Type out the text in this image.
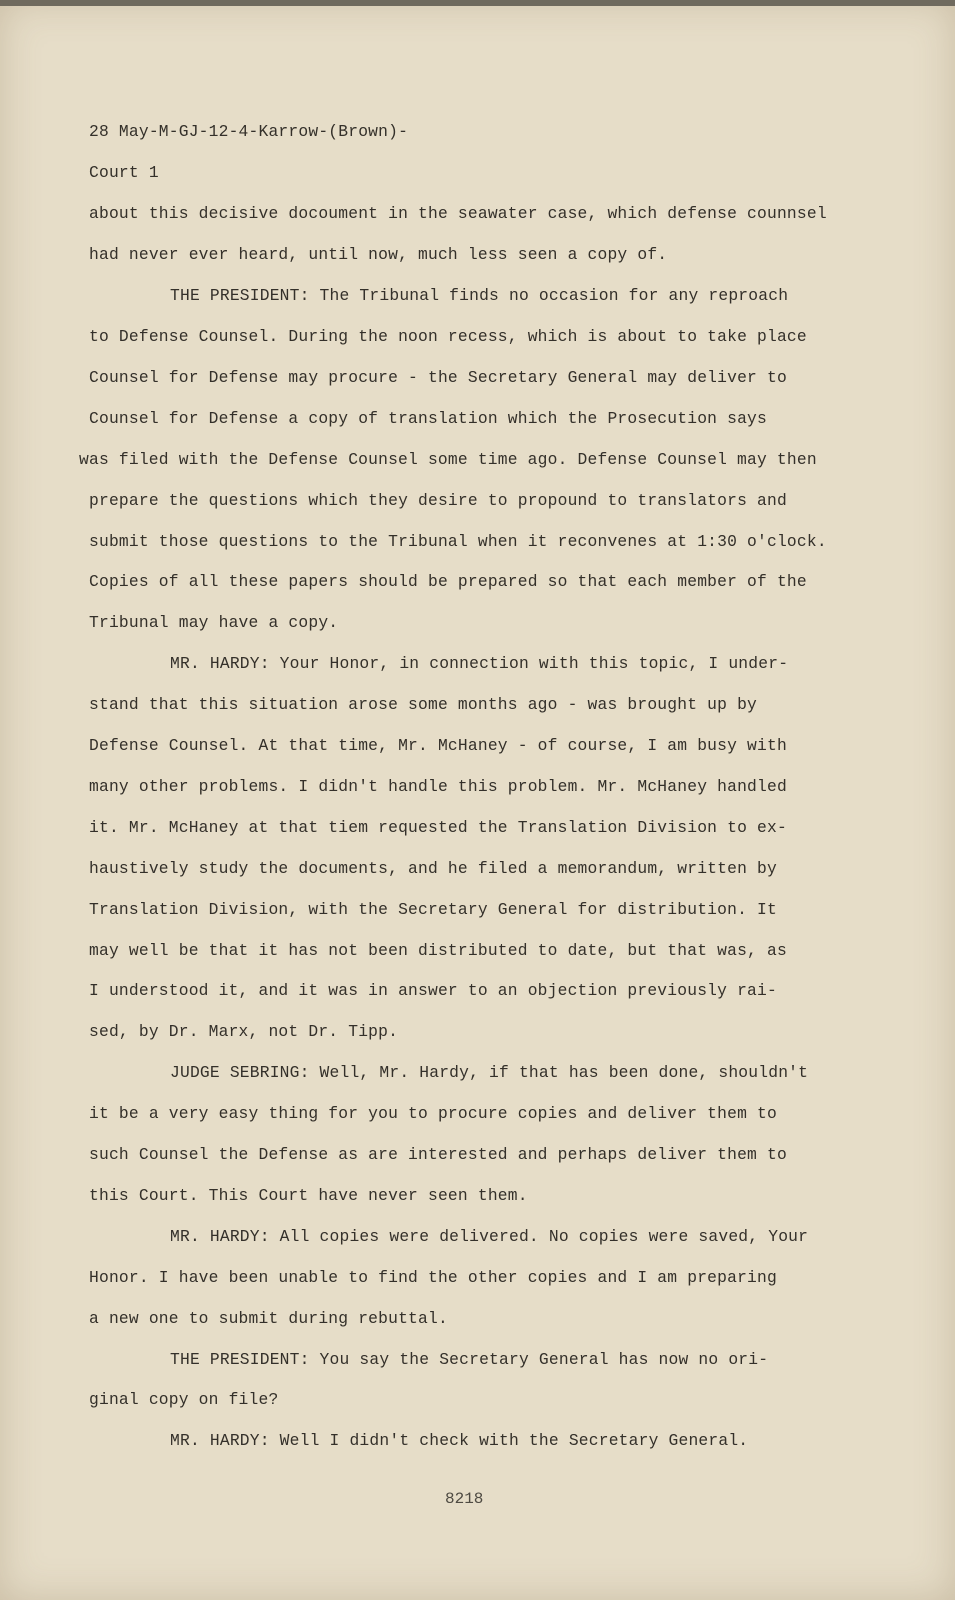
28 May-M-GJ-12-4-Karrow-(Brown)-
Court 1
about this decisive docoument in the seawater case, which defense counnsel
had never ever heard, until now, much less seen a copy of.
THE PRESIDENT: The Tribunal finds no occasion for any reproach
to Defense Counsel. During the noon recess, which is about to take place
Counsel for Defense may procure - the Secretary General may deliver to
Counsel for Defense a copy of translation which the Prosecution says
was filed with the Defense Counsel some time ago. Defense Counsel may then
prepare the questions which they desire to propound to translators and
submit those questions to the Tribunal when it reconvenes at 1:30 o'clock.
Copies of all these papers should be prepared so that each member of the
Tribunal may have a copy.
MR. HARDY: Your Honor, in connection with this topic, I under-
stand that this situation arose some months ago - was brought up by
Defense Counsel. At that time, Mr. McHaney - of course, I am busy with
many other problems. I didn't handle this problem. Mr. McHaney handled
it. Mr. McHaney at that tiem requested the Translation Division to ex-
haustively study the documents, and he filed a memorandum, written by
Translation Division, with the Secretary General for distribution. It
may well be that it has not been distributed to date, but that was, as
I understood it, and it was in answer to an objection previously rai-
sed, by Dr. Marx, not Dr. Tipp.
JUDGE SEBRING: Well, Mr. Hardy, if that has been done, shouldn't
it be a very easy thing for you to procure copies and deliver them to
such Counsel the Defense as are interested and perhaps deliver them to
this Court. This Court have never seen them.
MR. HARDY: All copies were delivered. No copies were saved, Your
Honor. I have been unable to find the other copies and I am preparing
a new one to submit during rebuttal.
THE PRESIDENT: You say the Secretary General has now no ori-
ginal copy on file?
MR. HARDY: Well I didn't check with the Secretary General.
8218
